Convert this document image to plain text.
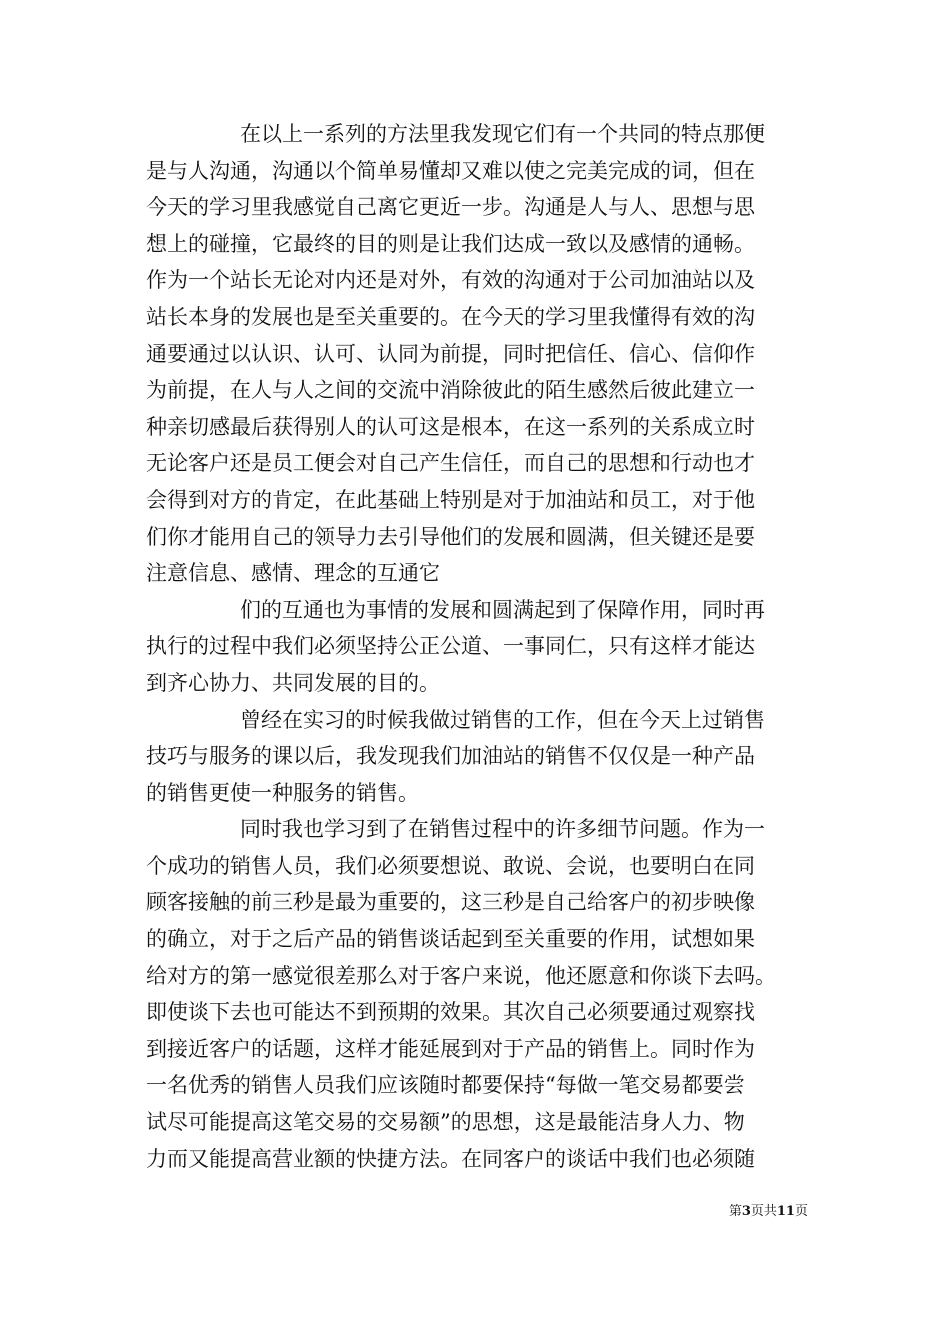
在以上一系列的方法里我发现它们有一个共同的特点那便
是与人沟通，沟通以个简单易懂却又难以使之完美完成的词，但在
今天的学习里我感觉自己离它更近一步。沟通是人与人、思想与思
想上的碰撞，它最终的目的则是让我们达成一致以及感情的通畅。
作为一个站长无论对内还是对外，有效的沟通对于公司加油站以及
站长本身的发展也是至关重要的。在今天的学习里我懂得有效的沟
通要通过以认识、认可、认同为前提，同时把信任、信心、信仰作
为前提，在人与人之间的交流中消除彼此的陌生感然后彼此建立一
种亲切感最后获得别人的认可这是根本，在这一系列的关系成立时
无论客户还是员工便会对自己产生信任，而自己的思想和行动也才
会得到对方的肯定，在此基础上特别是对于加油站和员工，对于他
们你才能用自己的领导力去引导他们的发展和圆满，但关键还是要
注意信息、感情、理念的互通它
们的互通也为事情的发展和圆满起到了保障作用，同时再
执行的过程中我们必须坚持公正公道、一事同仁，只有这样才能达
到齐心协力、共同发展的目的。
曾经在实习的时候我做过销售的工作，但在今天上过销售
技巧与服务的课以后，我发现我们加油站的销售不仅仅是一种产品
的销售更使一种服务的销售。
同时我也学习到了在销售过程中的许多细节问题。作为一
个成功的销售人员，我们必须要想说、敢说、会说，也要明白在同
顾客接触的前三秒是最为重要的，这三秒是自己给客户的初步映像
的确立，对于之后产品的销售谈话起到至关重要的作用，试想如果
给对方的第一感觉很差那么对于客户来说，他还愿意和你谈下去吗。
即使谈下去也可能达不到预期的效果。其次自己必须要通过观察找
到接近客户的话题，这样才能延展到对于产品的销售上。同时作为
一名优秀的销售人员我们应该随时都要保持“每做一笔交易都要尝
试尽可能提高这笔交易的交易额”的思想，这是最能洁身人力、物
力而又能提高营业额的快捷方法。在同客户的谈话中我们也必须随
第3页共11页
